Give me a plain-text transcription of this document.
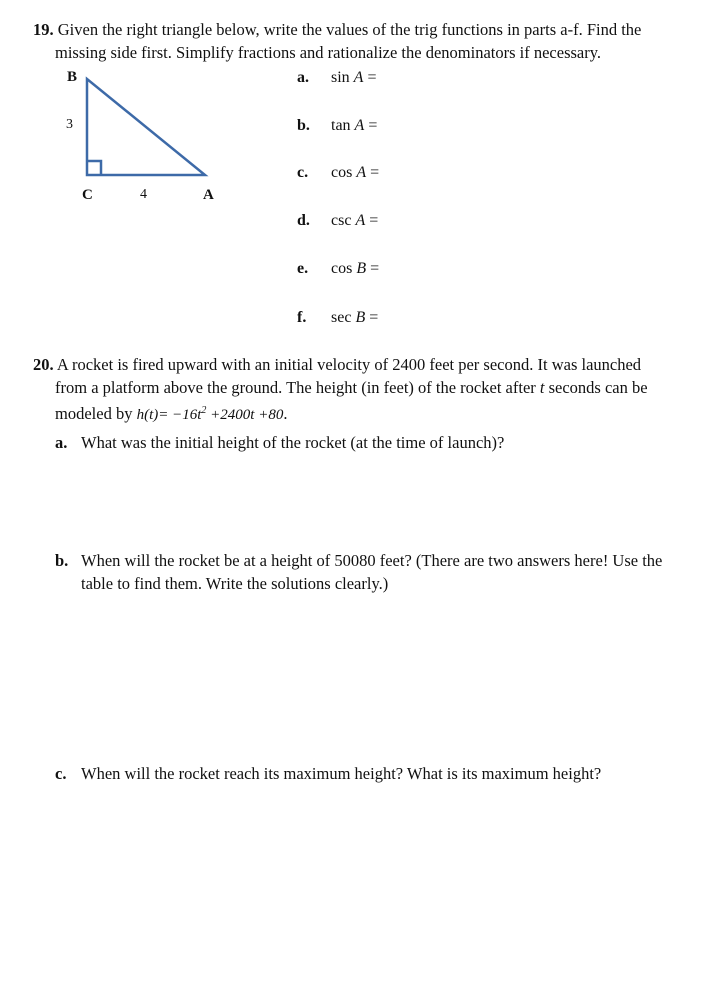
19. Given the right triangle below, write the values of the trig functions in parts a-f. Find the
missing side first. Simplify fractions and rationalize the denominators if necessary.
B
3
C	4	A
a. sin A =
b. tan A =
c. cos A =
d. csc A =
e. cos B =
f. sec B =
20. A rocket is fired upward with an initial velocity of 2400 feet per second. It was launched
from a platform above the ground. The height (in feet) of the rocket after t seconds can be
modeled by $h(t)= -16t^2 +2400t +80$.
a. What was the initial height of the rocket (at the time of launch)?
b. When will the rocket be at a height of 50080 feet? (There are two answers here! Use the
table to find them. Write the solutions clearly.)
c. When will the rocket reach its maximum height? What is its maximum height?
